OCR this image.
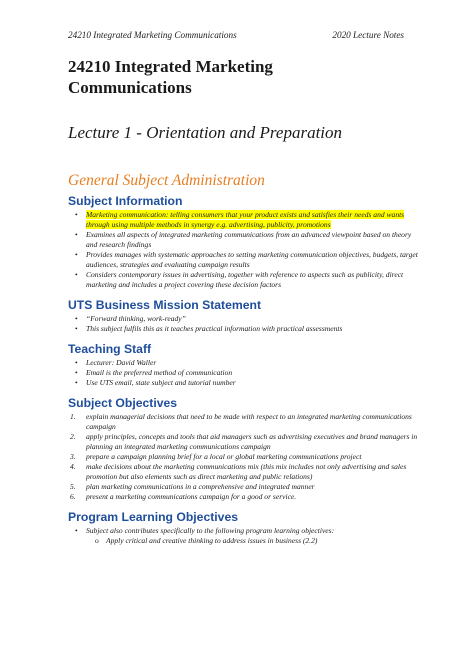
24210 Integrated Marketing Communications	2020 Lecture Notes
24210 Integrated Marketing Communications
Lecture 1 - Orientation and Preparation
General Subject Administration
Subject Information
• Marketing communication: telling consumers that your product exists and satisfies their needs and wants through using multiple methods in synergy e.g. advertising, publicity, promotions
• Examines all aspects of integrated marketing communications from an advanced viewpoint based on theory and research findings
• Provides manages with systematic approaches to setting marketing communication objectives, budgets, target audiences, strategies and evaluating campaign results
• Considers contemporary issues in advertising, together with reference to aspects such as publicity, direct marketing and includes a project covering these decision factors
UTS Business Mission Statement
• “Forward thinking, work-ready”
• This subject fulfils this as it teaches practical information with practical assessments
Teaching Staff
• Lecturer: David Waller
• Email is the preferred method of communication
• Use UTS email, state subject and tutorial number
Subject Objectives
1. explain managerial decisions that need to be made with respect to an integrated marketing communications campaign
2. apply principles, concepts and tools that aid managers such as advertising executives and brand managers in planning an integrated marketing communications campaign
3. prepare a campaign planning brief for a local or global marketing communications project
4. make decisions about the marketing communications mix (this mix includes not only advertising and sales promotion but also elements such as direct marketing and public relations)
5. plan marketing communications in a comprehensive and integrated manner
6. present a marketing communications campaign for a good or service.
Program Learning Objectives
• Subject also contributes specifically to the following program learning objectives:
o Apply critical and creative thinking to address issues in business (2.2)
